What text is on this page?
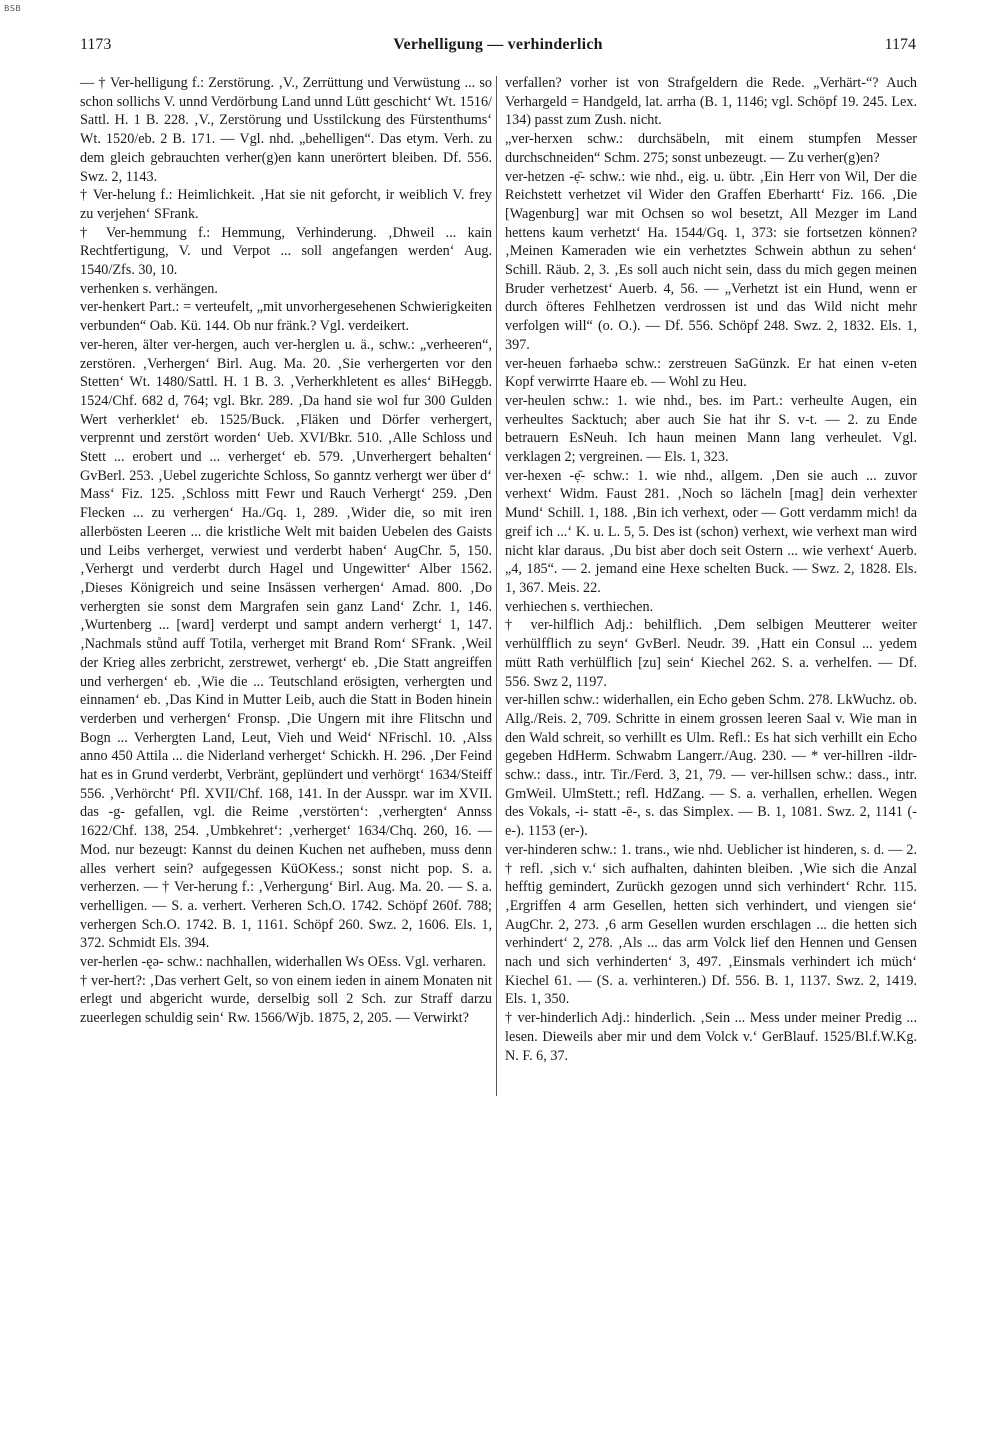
BSB
1173	Verhelligung — verhinderlich	1174

— † Ver-helligung f.: Zerstörung. ‚V., Zerrüttung und Verwüstung ... so schon sollichs V. unnd Verdörbung Land unnd Lütt geschicht‘ Wt. 1516/ Sattl. H. 1 B. 228. ‚V., Zerstörung und Usstilckung des Fürstenthums‘ Wt. 1520/eb. 2 B. 171. — Vgl. nhd. „behelligen“. Das etym. Verh. zu dem gleich gebrauchten verher(g)en kann unerörtert bleiben. Df. 556. Swz. 2, 1143.

† Ver-helung f.: Heimlichkeit. ‚Hat sie nit geforcht, ir weiblich V. frey zu verjehen‘ SFrank.

† Ver-hemmung f.: Hemmung, Verhinderung. ‚Dhweil ... kain Rechtfertigung, V. und Verpot ... soll angefangen werden‘ Aug. 1540/Zfs. 30, 10.

verhenken s. verhängen.

ver-henkert Part.: = verteufelt, „mit unvorhergesehenen Schwierigkeiten verbunden“ Oab. Kü. 144. Ob nur fränk.? Vgl. verdeikert.

ver-heren, älter ver-hergen, auch ver-herglen u. ä., schw.: „verheeren“, zerstören. ‚Verhergen‘ Birl. Aug. Ma. 20. ‚Sie verhergerten vor den Stetten‘ Wt. 1480/Sattl. H. 1 B. 3. ‚Verherkhletent es alles‘ BiHeggb. 1524/Chf. 682 d, 764; vgl. Bkr. 289. ‚Da hand sie wol fur 300 Gulden Wert verherklet‘ eb. 1525/Buck. ‚Fläken und Dörfer verhergert, verprennt und zerstört worden‘ Ueb. XVI/Bkr. 510. ‚Alle Schloss und Stett ... erobert und ... verherget‘ eb. 579. ‚Unverhergert behalten‘ GvBerl. 253. ‚Uebel zugerichte Schloss, So ganntz verhergt wer über d‘ Mass‘ Fiz. 125. ‚Schloss mitt Fewr und Rauch Verhergt‘ 259. ‚Den Flecken ... zu verhergen‘ Ha./Gq. 1, 289. ‚Wider die, so mit iren allerbösten Leeren ... die kristliche Welt mit baiden Uebelen des Gaists und Leibs verherget, verwiest und verderbt haben‘ AugChr. 5, 150. ‚Verhergt und verderbt durch Hagel und Ungewitter‘ Alber 1562. ‚Dieses Königreich und seine Insässen verhergen‘ Amad. 800. ‚Do verhergten sie sonst dem Margrafen sein ganz Land‘ Zchr. 1, 146. ‚Wurtenberg ... [ward] verderpt und sampt andern verhergt‘ 1, 147. ‚Nachmals stůnd auff Totila, verherget mit Brand Rom‘ SFrank. ‚Weil der Krieg alles zerbricht, zerstrewet, verhergt‘ eb. ‚Die Statt angreiffen und verhergen‘ eb. ‚Wie die ... Teutschland erösigten, verhergten und einnamen‘ eb. ‚Das Kind in Mutter Leib, auch die Statt in Boden hinein verderben und verhergen‘ Fronsp. ‚Die Ungern mit ihre Flitschn und Bogn ... Verhergten Land, Leut, Vieh und Weid‘ NFrischl. 10. ‚Alss anno 450 Attila ... die Niderland verherget‘ Schickh. H. 296. ‚Der Feind hat es in Grund verderbt, Verbränt, geplündert und verhörgt‘ 1634/Steiff 556. ‚Verhörcht‘ Pfl. XVII/Chf. 168, 141. In der Ausspr. war im XVII. das -g- gefallen, vgl. die Reime ‚verstörten‘: ‚verhergten‘ Annss 1622/Chf. 138, 254. ‚Umbkehret‘: ‚verherget‘ 1634/Chq. 260, 16. — Mod. nur bezeugt: Kannst du deinen Kuchen net aufheben, muss denn alles verhert sein? aufgegessen KüOKess.; sonst nicht pop. S. a. verherzen. — † Ver-herung f.: ‚Verhergung‘ Birl. Aug. Ma. 20. — S. a. verhelligen. — S. a. verhert. Verheren Sch.O. 1742. Schöpf 260f. 788; verhergen Sch.O. 1742. B. 1, 1161. Schöpf 260. Swz. 2, 1606. Els. 1, 372. Schmidt Els. 394.

ver-herlen -ęə- schw.: nachhallen, widerhallen Ws OEss. Vgl. verharen.

† ver-hert?: ‚Das verhert Gelt, so von einem ieden in ainem Monaten nit erlegt und abgericht wurde, derselbig soll 2 Sch. zur Straff darzu zueerlegen schuldig sein‘ Rw. 1566/Wjb. 1875, 2, 205. — Verwirkt?

verfallen? vorher ist von Strafgeldern die Rede. „Verhärt-“? Auch Verhargeld = Handgeld, lat. arrha (B. 1, 1146; vgl. Schöpf 19. 245. Lex. 134) passt zum Zush. nicht.

„ver-herxen schw.: durchsäbeln, mit einem stumpfen Messer durchschneiden“ Schm. 275; sonst unbezeugt. — Zu verher(g)en?

ver-hetzen -ẹ̄- schw.: wie nhd., eig. u. übtr. ‚Ein Herr von Wil, Der die Reichstett verhetzet vil Wider den Graffen Eberhartt‘ Fiz. 166. ‚Die [Wagenburg] war mit Ochsen so wol besetzt, All Mezger im Land hettens kaum verhetzt‘ Ha. 1544/Gq. 1, 373: sie fortsetzen können? ‚Meinen Kameraden wie ein verhetztes Schwein abthun zu sehen‘ Schill. Räub. 2, 3. ‚Es soll auch nicht sein, dass du mich gegen meinen Bruder verhetzest‘ Auerb. 4, 56. — „Verhetzt ist ein Hund, wenn er durch öfteres Fehlhetzen verdrossen ist und das Wild nicht mehr verfolgen will“ (o. O.). — Df. 556. Schöpf 248. Swz. 2, 1832. Els. 1, 397.

ver-heuen fərhaebə schw.: zerstreuen SaGünzk. Er hat einen v-eten Kopf verwirrte Haare eb. — Wohl zu Heu.

ver-heulen schw.: 1. wie nhd., bes. im Part.: verheulte Augen, ein verheultes Sacktuch; aber auch Sie hat ihr S. v-t. — 2. zu Ende betrauern EsNeuh. Ich haun meinen Mann lang verheulet. Vgl. verklagen 2; vergreinen. — Els. 1, 323.

ver-hexen -ẹ̄- schw.: 1. wie nhd., allgem. ‚Den sie auch ... zuvor verhext‘ Widm. Faust 281. ‚Noch so lächeln [mag] dein verhexter Mund‘ Schill. 1, 188. ‚Bin ich verhext, oder — Gott verdamm mich! da greif ich ...‘ K. u. L. 5, 5. Des ist (schon) verhext, wie verhext man wird nicht klar daraus. ‚Du bist aber doch seit Ostern ... wie verhext‘ Auerb. „4, 185“. — 2. jemand eine Hexe schelten Buck. — Swz. 2, 1828. Els. 1, 367. Meis. 22.

verhiechen s. verthiechen.

† ver-hilflich Adj.: behilflich. ‚Dem selbigen Meutterer weiter verhülfflich zu seyn‘ GvBerl. Neudr. 39. ‚Hatt ein Consul ... yedem mütt Rath verhülflich [zu] sein‘ Kiechel 262. S. a. verhelfen. — Df. 556. Swz 2, 1197.

ver-hillen schw.: widerhallen, ein Echo geben Schm. 278. LkWuchz. ob. Allg./Reis. 2, 709. Schritte in einem grossen leeren Saal v. Wie man in den Wald schreit, so verhillt es Ulm. Refl.: Es hat sich verhillt ein Echo gegeben HdHerm. Schwabm Langerr./Aug. 230. — * ver-hillren -ildr- schw.: dass., intr. Tir./Ferd. 3, 21, 79. — ver-hillsen schw.: dass., intr. GmWeil. UlmStett.; refl. HdZang. — S. a. verhallen, erhellen. Wegen des Vokals, -i- statt -ē-, s. das Simplex. — B. 1, 1081. Swz. 2, 1141 (-e-). 1153 (er-).

ver-hinderen schw.: 1. trans., wie nhd. Ueblicher ist hinderen, s. d. — 2. † refl. ‚sich v.‘ sich aufhalten, dahinten bleiben. ‚Wie sich die Anzal hefftig gemindert, Zurückh gezogen unnd sich verhindert‘ Rchr. 115. ‚Ergriffen 4 arm Gesellen, hetten sich verhindert, und viengen sie‘ AugChr. 2, 273. ‚6 arm Gesellen wurden erschlagen ... die hetten sich verhindert‘ 2, 278. ‚Als ... das arm Volck lief den Hennen und Gensen nach und sich verhinderten‘ 3, 497. ‚Einsmals verhindert ich müch‘ Kiechel 61. — (S. a. verhinteren.) Df. 556. B. 1, 1137. Swz. 2, 1419. Els. 1, 350.

† ver-hinderlich Adj.: hinderlich. ‚Sein ... Mess under meiner Predig ... lesen. Dieweils aber mir und dem Volck v.‘ GerBlauf. 1525/Bl.f.W.Kg. N. F. 6, 37.
